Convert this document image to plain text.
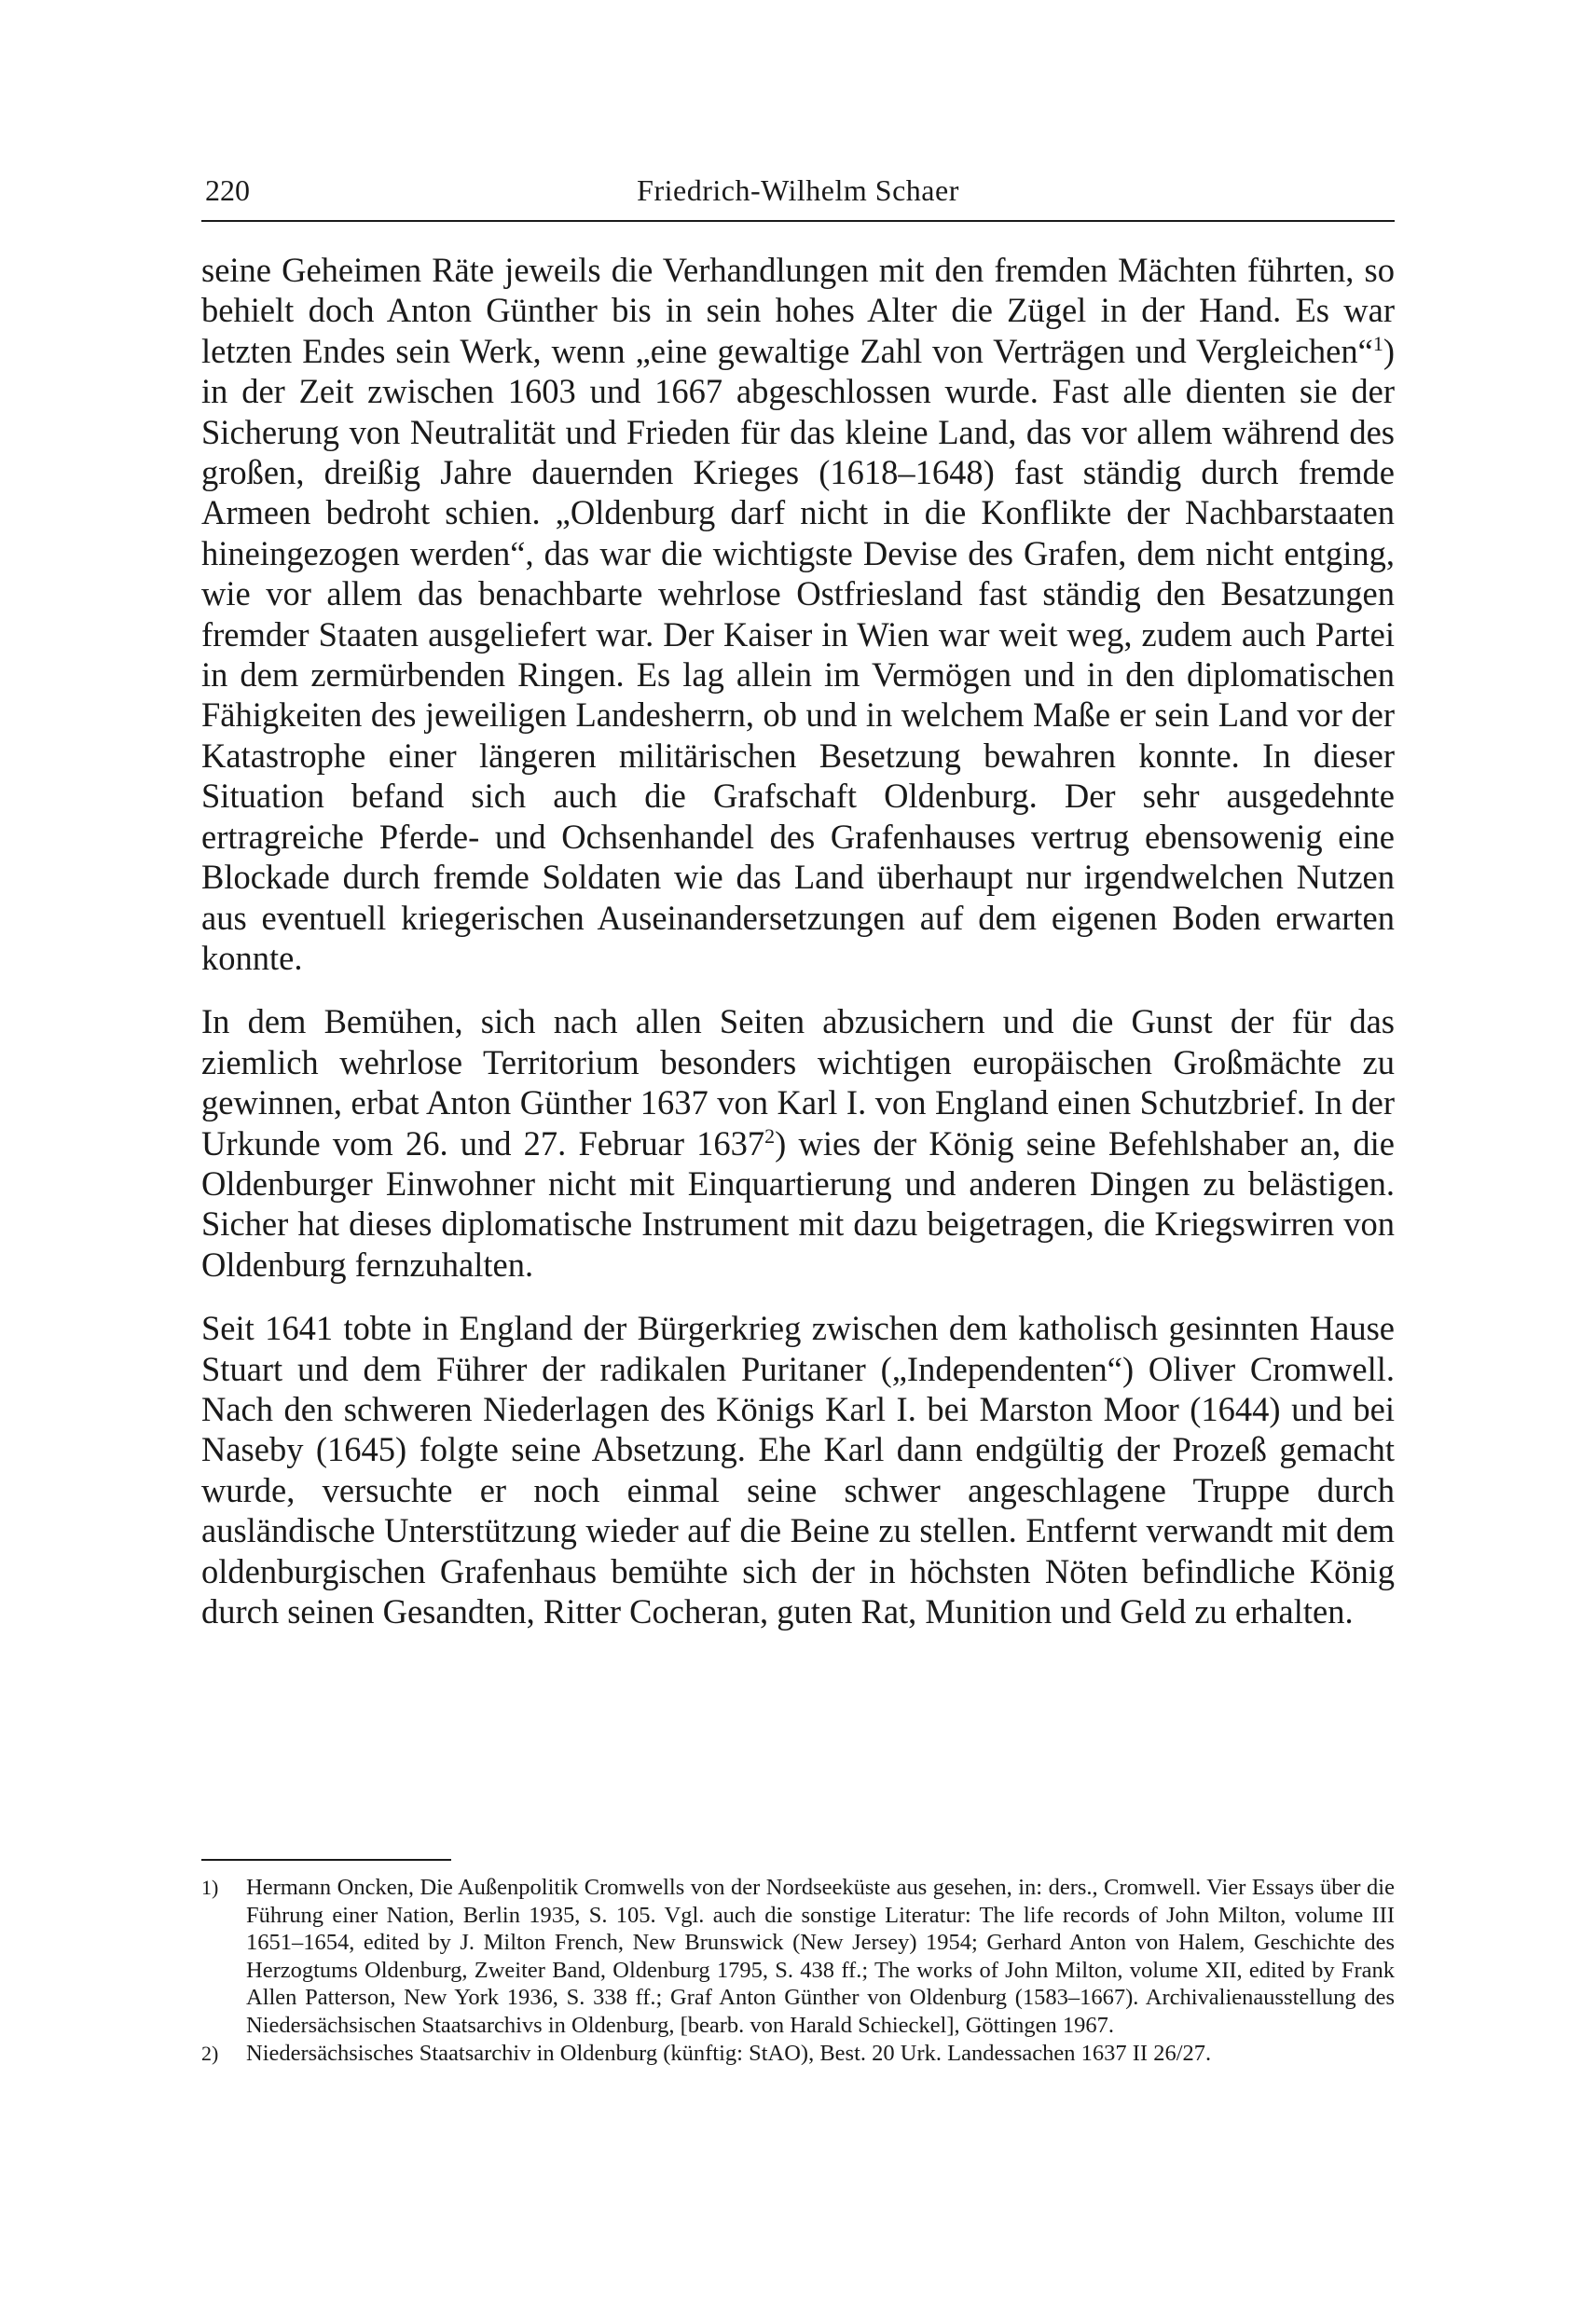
220	Friedrich-Wilhelm Schaer

seine Geheimen Räte jeweils die Verhandlungen mit den fremden Mächten führten, so behielt doch Anton Günther bis in sein hohes Alter die Zügel in der Hand. Es war letzten Endes sein Werk, wenn „eine gewaltige Zahl von Verträgen und Vergleichen“$^1$) in der Zeit zwischen 1603 und 1667 abgeschlossen wurde. Fast alle dienten sie der Sicherung von Neutralität und Frieden für das kleine Land, das vor allem während des großen, dreißig Jahre dauernden Krieges (1618–1648) fast ständig durch fremde Armeen bedroht schien. „Oldenburg darf nicht in die Konflikte der Nachbarstaaten hineingezogen werden“, das war die wichtigste Devise des Grafen, dem nicht entging, wie vor allem das benachbarte wehrlose Ostfriesland fast ständig den Besatzungen fremder Staaten ausgeliefert war. Der Kaiser in Wien war weit weg, zudem auch Partei in dem zermürbenden Ringen. Es lag allein im Vermögen und in den diplomatischen Fähigkeiten des jeweiligen Landesherrn, ob und in welchem Maße er sein Land vor der Katastrophe einer längeren militärischen Besetzung bewahren konnte. In dieser Situation befand sich auch die Grafschaft Oldenburg. Der sehr ausgedehnte ertragreiche Pferde- und Ochsenhandel des Grafenhauses vertrug ebensowenig eine Blockade durch fremde Soldaten wie das Land überhaupt nur irgendwelchen Nutzen aus eventuell kriegerischen Auseinandersetzungen auf dem eigenen Boden erwarten konnte.

In dem Bemühen, sich nach allen Seiten abzusichern und die Gunst der für das ziemlich wehrlose Territorium besonders wichtigen europäischen Großmächte zu gewinnen, erbat Anton Günther 1637 von Karl I. von England einen Schutzbrief. In der Urkunde vom 26. und 27. Februar 1637$^2$) wies der König seine Befehlshaber an, die Oldenburger Einwohner nicht mit Einquartierung und anderen Dingen zu belästigen. Sicher hat dieses diplomatische Instrument mit dazu beigetragen, die Kriegswirren von Oldenburg fernzuhalten.

Seit 1641 tobte in England der Bürgerkrieg zwischen dem katholisch gesinnten Hause Stuart und dem Führer der radikalen Puritaner („Independenten“) Oliver Cromwell. Nach den schweren Niederlagen des Königs Karl I. bei Marston Moor (1644) und bei Naseby (1645) folgte seine Absetzung. Ehe Karl dann endgültig der Prozeß gemacht wurde, versuchte er noch einmal seine schwer angeschlagene Truppe durch ausländische Unterstützung wieder auf die Beine zu stellen. Entfernt verwandt mit dem oldenburgischen Grafenhaus bemühte sich der in höchsten Nöten befindliche König durch seinen Gesandten, Ritter Cocheran, guten Rat, Munition und Geld zu erhalten.

1) Hermann Oncken, Die Außenpolitik Cromwells von der Nordseeküste aus gesehen, in: ders., Cromwell. Vier Essays über die Führung einer Nation, Berlin 1935, S. 105. Vgl. auch die sonstige Literatur: The life records of John Milton, volume III 1651–1654, edited by J. Milton French, New Brunswick (New Jersey) 1954; Gerhard Anton von Halem, Geschichte des Herzogtums Oldenburg, Zweiter Band, Oldenburg 1795, S. 438 ff.; The works of John Milton, volume XII, edited by Frank Allen Patterson, New York 1936, S. 338 ff.; Graf Anton Günther von Oldenburg (1583–1667). Archivalienausstellung des Niedersächsischen Staatsarchivs in Oldenburg, [bearb. von Harald Schieckel], Göttingen 1967.

2) Niedersächsisches Staatsarchiv in Oldenburg (künftig: StAO), Best. 20 Urk. Landessachen 1637 II 26/27.
